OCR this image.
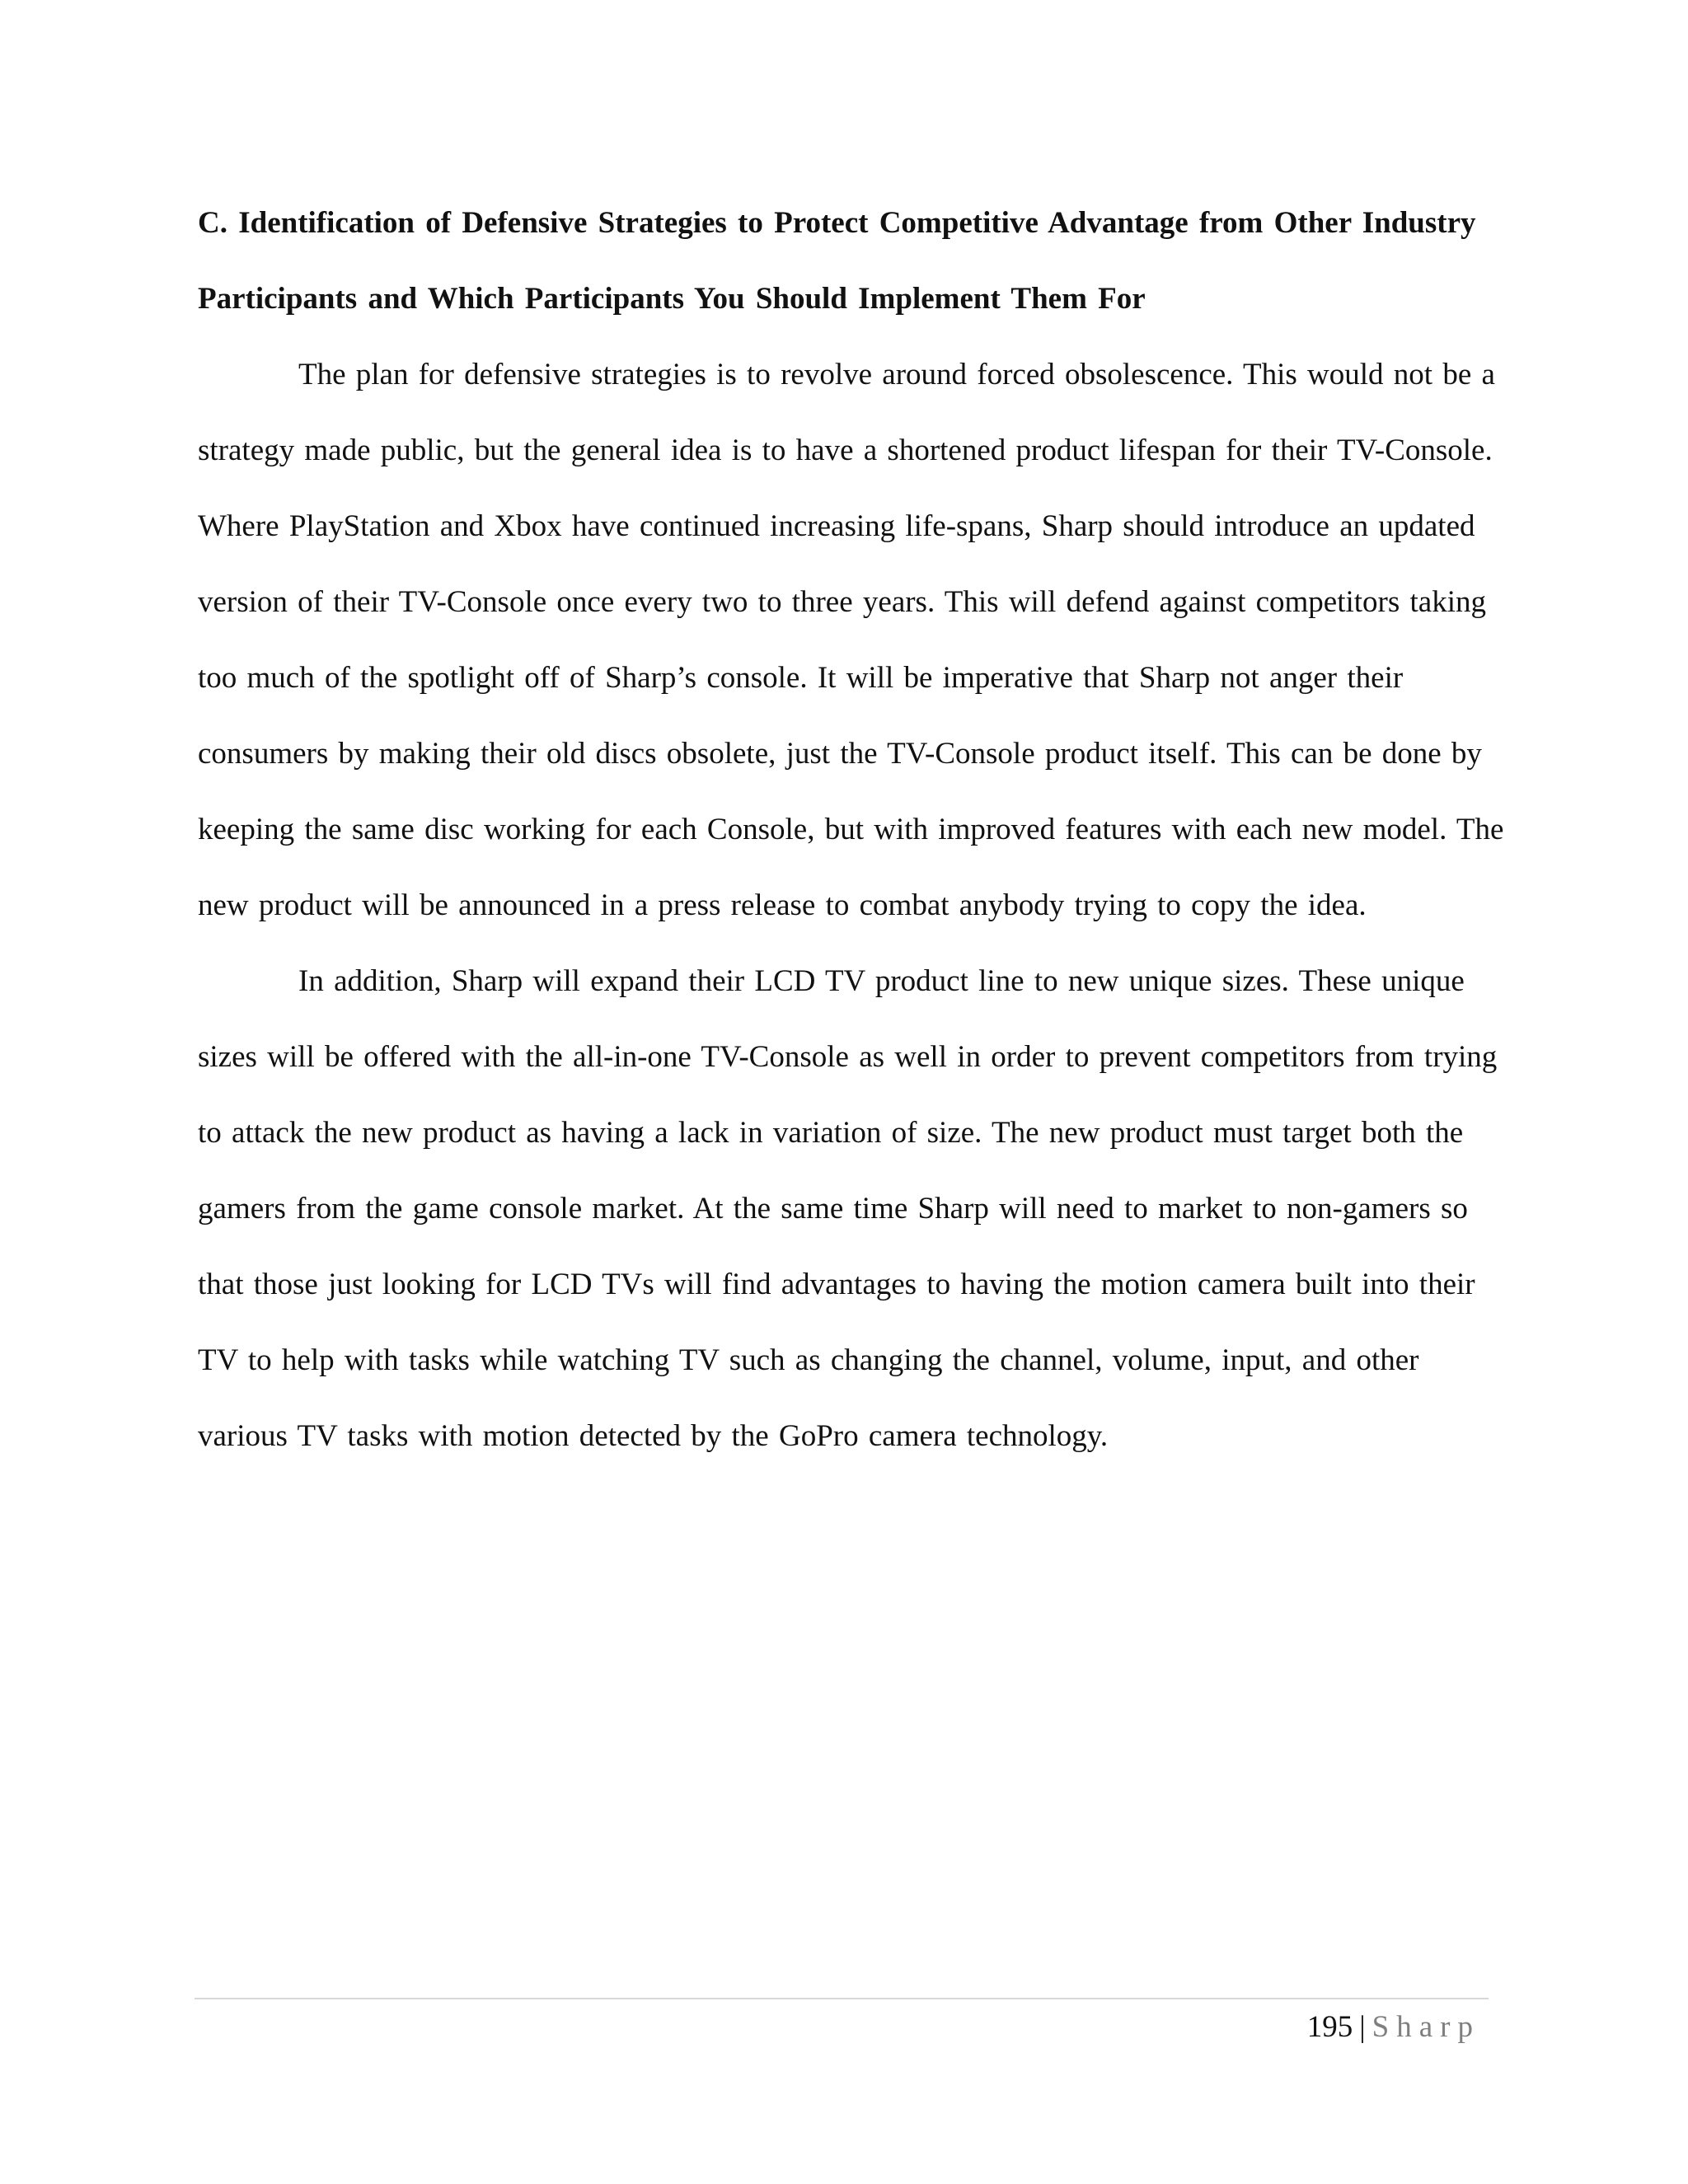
C. Identification of Defensive Strategies to Protect Competitive Advantage from Other Industry Participants and Which Participants You Should Implement Them For

The plan for defensive strategies is to revolve around forced obsolescence. This would not be a strategy made public, but the general idea is to have a shortened product lifespan for their TV-Console. Where PlayStation and Xbox have continued increasing life-spans, Sharp should introduce an updated version of their TV-Console once every two to three years. This will defend against competitors taking too much of the spotlight off of Sharp’s console. It will be imperative that Sharp not anger their consumers by making their old discs obsolete, just the TV-Console product itself. This can be done by keeping the same disc working for each Console, but with improved features with each new model. The new product will be announced in a press release to combat anybody trying to copy the idea.

In addition, Sharp will expand their LCD TV product line to new unique sizes. These unique sizes will be offered with the all-in-one TV-Console as well in order to prevent competitors from trying to attack the new product as having a lack in variation of size. The new product must target both the gamers from the game console market. At the same time Sharp will need to market to non-gamers so that those just looking for LCD TVs will find advantages to having the motion camera built into their TV to help with tasks while watching TV such as changing the channel, volume, input, and other various TV tasks with motion detected by the GoPro camera technology.

195 | Sharp
